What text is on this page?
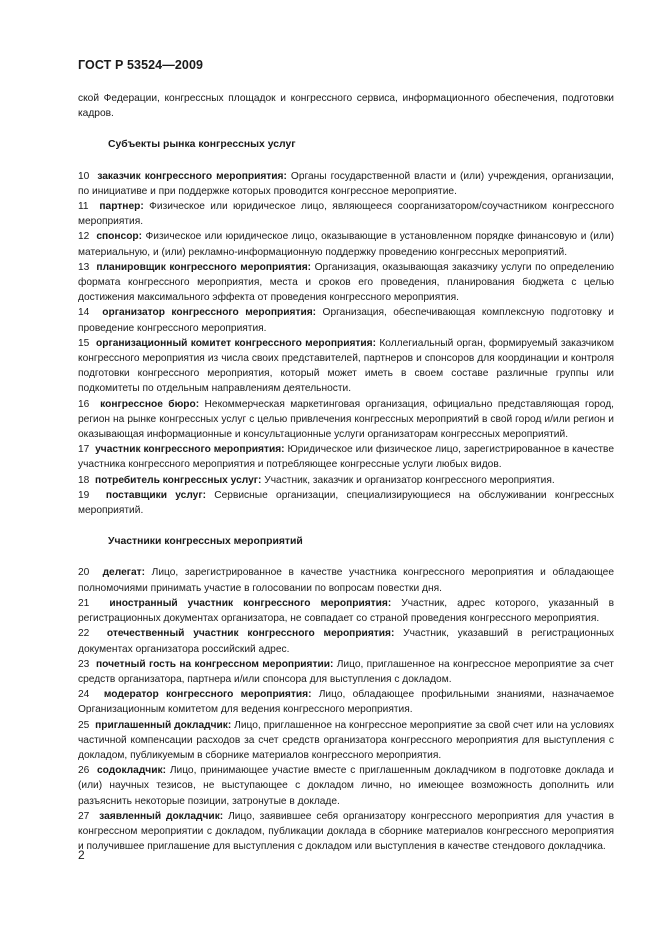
ГОСТ Р 53524—2009

ской Федерации, конгрессных площадок и конгрессного сервиса, информационного обеспечения, подготовки кадров.

Субъекты рынка конгрессных услуг

10 заказчик конгрессного мероприятия: Органы государственной власти и (или) учреждения, организации, по инициативе и при поддержке которых проводится конгрессное мероприятие.

11 партнер: Физическое или юридическое лицо, являющееся соорганизатором/соучастником конгрессного мероприятия.

12 спонсор: Физическое или юридическое лицо, оказывающие в установленном порядке финансовую и (или) материальную, и (или) рекламно-информационную поддержку проведению конгрессных мероприятий.

13 планировщик конгрессного мероприятия: Организация, оказывающая заказчику услуги по определению формата конгрессного мероприятия, места и сроков его проведения, планирования бюджета с целью достижения максимального эффекта от проведения конгрессного мероприятия.

14 организатор конгрессного мероприятия: Организация, обеспечивающая комплексную подготовку и проведение конгрессного мероприятия.

15 организационный комитет конгрессного мероприятия: Коллегиальный орган, формируемый заказчиком конгрессного мероприятия из числа своих представителей, партнеров и спонсоров для координации и контроля подготовки конгрессного мероприятия, который может иметь в своем составе различные группы или подкомитеты по отдельным направлениям деятельности.

16 конгрессное бюро: Некоммерческая маркетинговая организация, официально представляющая город, регион на рынке конгрессных услуг с целью привлечения конгрессных мероприятий в свой город и/или регион и оказывающая информационные и консультационные услуги организаторам конгрессных мероприятий.

17 участник конгрессного мероприятия: Юридическое или физическое лицо, зарегистрированное в качестве участника конгрессного мероприятия и потребляющее конгрессные услуги любых видов.

18 потребитель конгрессных услуг: Участник, заказчик и организатор конгрессного мероприятия.

19 поставщики услуг: Сервисные организации, специализирующиеся на обслуживании конгрессных мероприятий.

Участники конгрессных мероприятий

20 делегат: Лицо, зарегистрированное в качестве участника конгрессного мероприятия и обладающее полномочиями принимать участие в голосовании по вопросам повестки дня.

21 иностранный участник конгрессного мероприятия: Участник, адрес которого, указанный в регистрационных документах организатора, не совпадает со страной проведения конгрессного мероприятия.

22 отечественный участник конгрессного мероприятия: Участник, указавший в регистрационных документах организатора российский адрес.

23 почетный гость на конгрессном мероприятии: Лицо, приглашенное на конгрессное мероприятие за счет средств организатора, партнера и/или спонсора для выступления с докладом.

24 модератор конгрессного мероприятия: Лицо, обладающее профильными знаниями, назначаемое Организационным комитетом для ведения конгрессного мероприятия.

25 приглашенный докладчик: Лицо, приглашенное на конгрессное мероприятие за свой счет или на условиях частичной компенсации расходов за счет средств организатора конгрессного мероприятия для выступления с докладом, публикуемым в сборнике материалов конгрессного мероприятия.

26 содокладчик: Лицо, принимающее участие вместе с приглашенным докладчиком в подготовке доклада и (или) научных тезисов, не выступающее с докладом лично, но имеющее возможность дополнить или разъяснить некоторые позиции, затронутые в докладе.

27 заявленный докладчик: Лицо, заявившее себя организатору конгрессного мероприятия для участия в конгрессном мероприятии с докладом, публикации доклада в сборнике материалов конгрессного мероприятия и получившее приглашение для выступления с докладом или выступления в качестве стендового докладчика.

2
